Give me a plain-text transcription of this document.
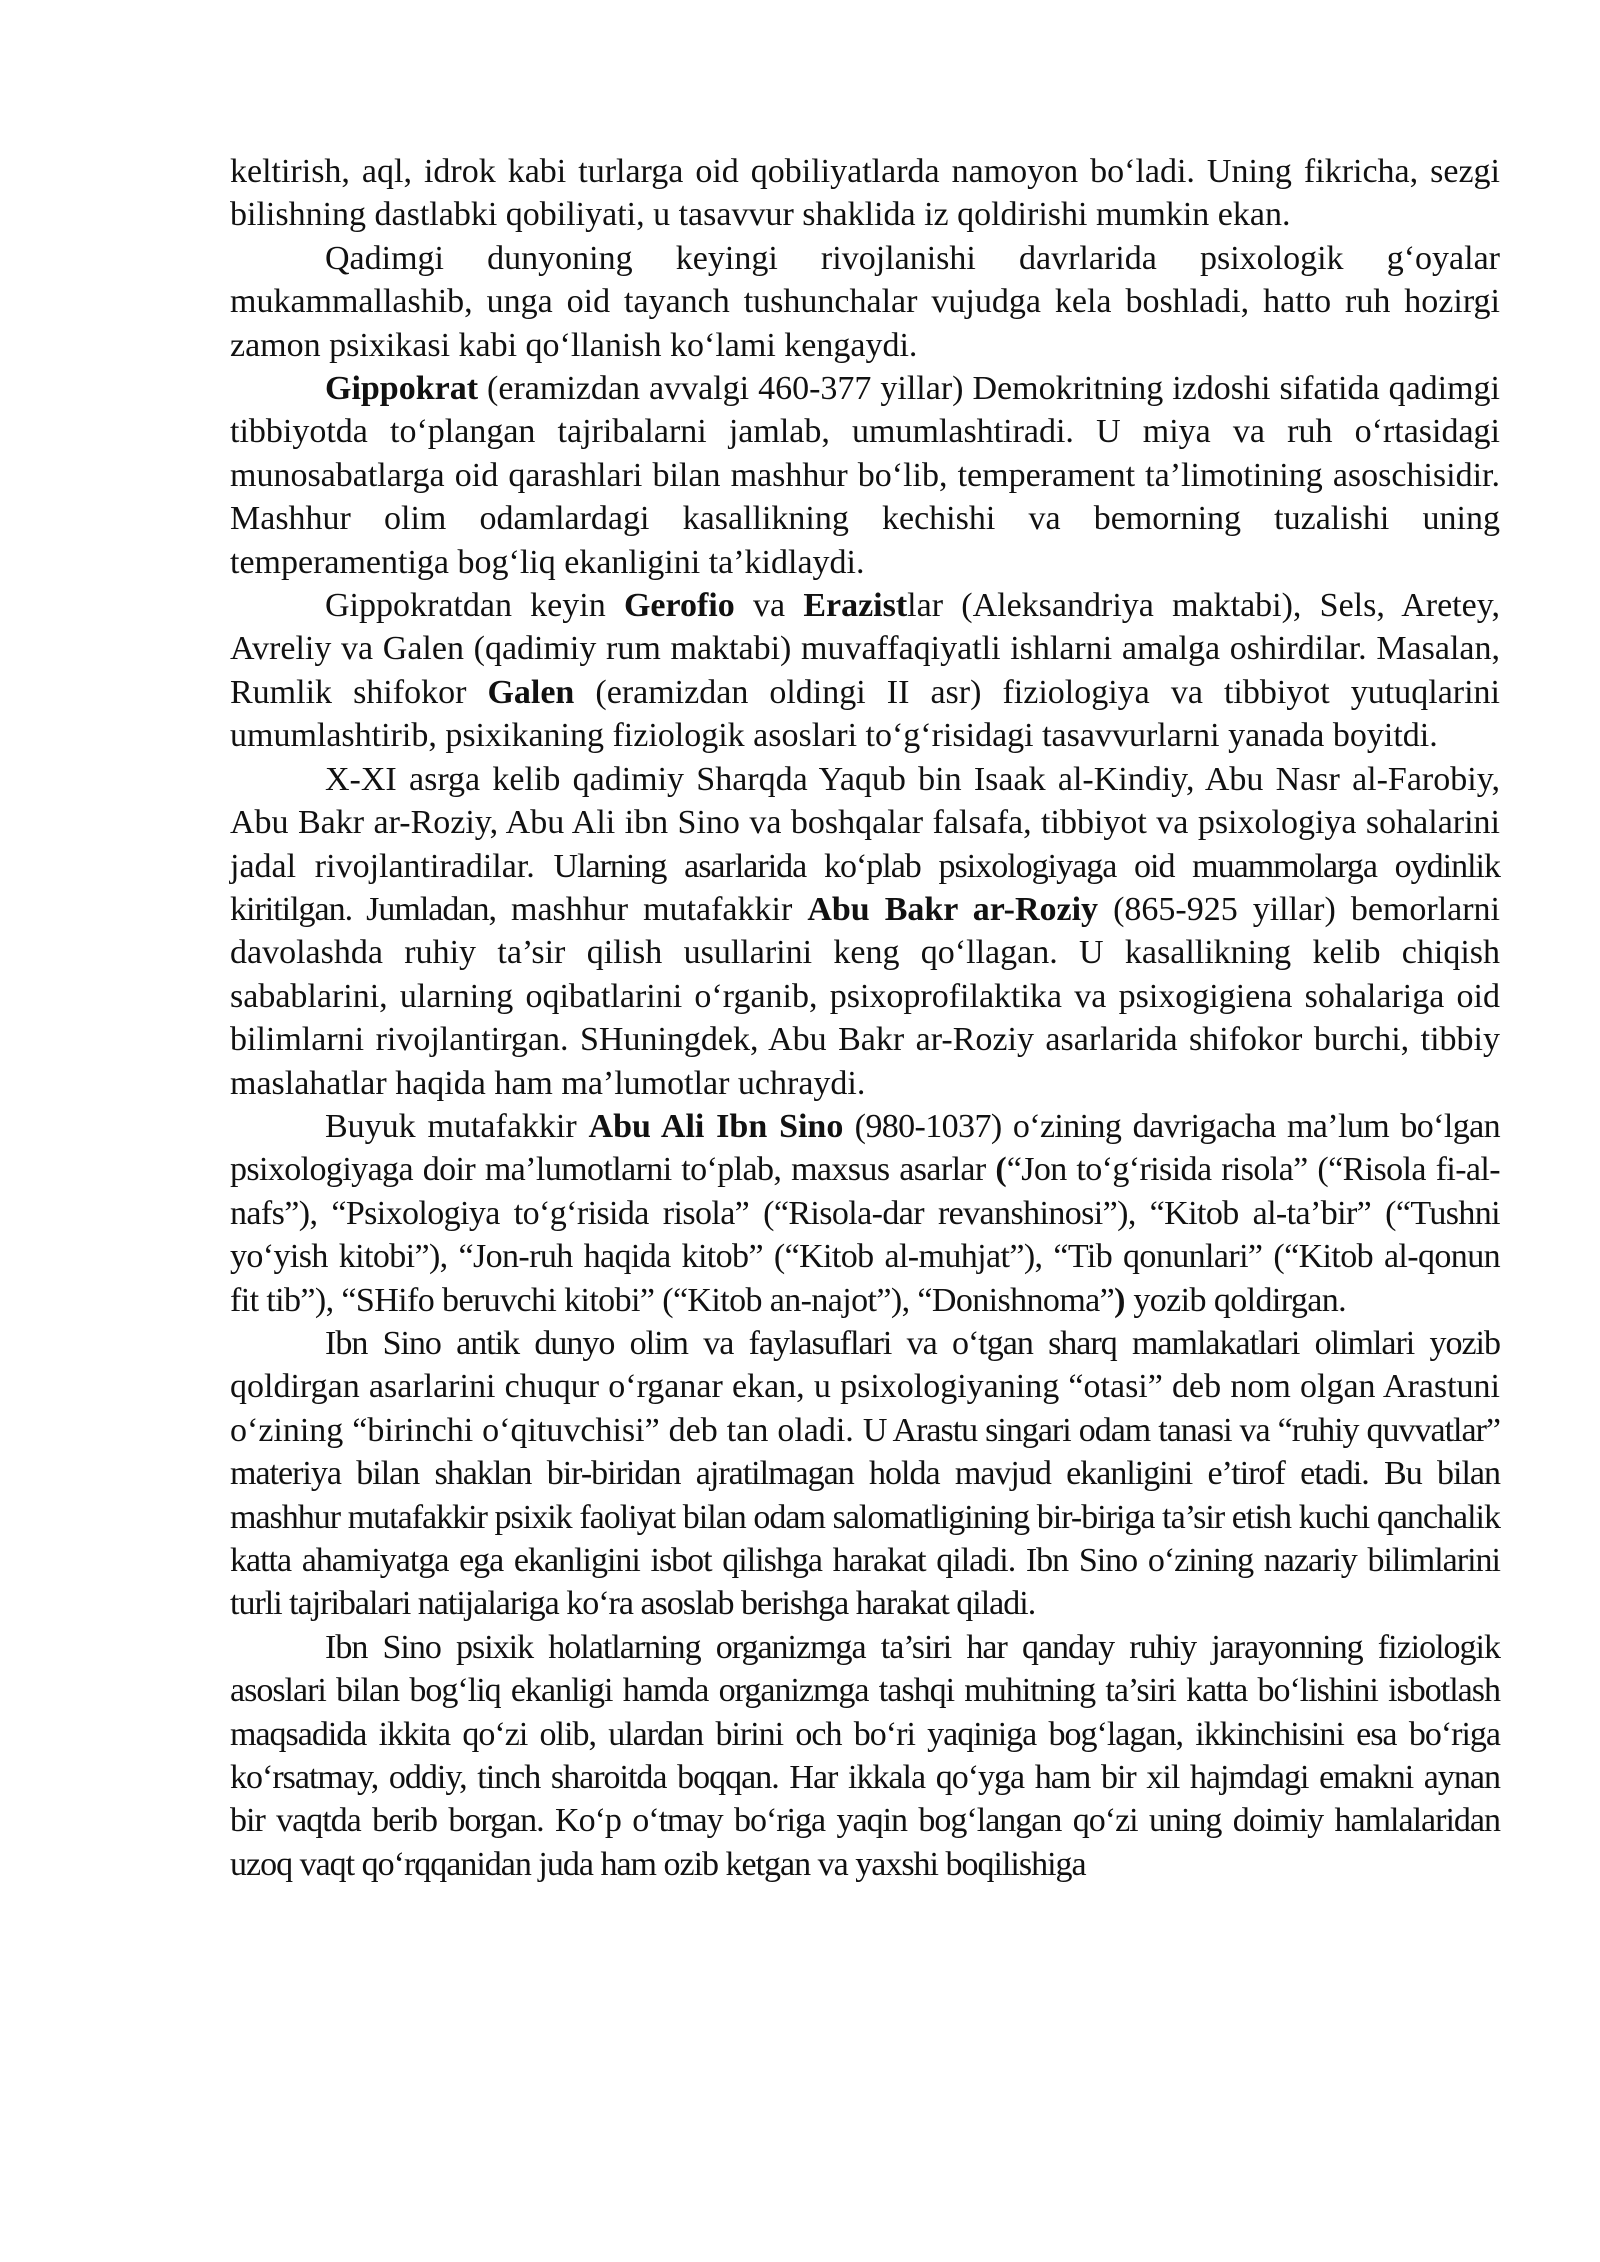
keltirish, aql, idrok kabi turlarga oid qobiliyatlarda namoyon bo‘ladi. Uning fikricha, sezgi bilishning dastlabki qobiliyati, u tasavvur shaklida iz qoldirishi mumkin ekan.

Qadimgi dunyoning keyingi rivojlanishi davrlarida psixologik g‘oyalar mukammallashib, unga oid tayanch tushunchalar vujudga kela boshladi, hatto ruh hozirgi zamon psixikasi kabi qo‘llanish ko‘lami kengaydi.

Gippokrat (eramizdan avvalgi 460-377 yillar) Demokritning izdoshi sifatida qadimgi tibbiyotda to‘plangan tajribalarni jamlab, umumlashtiradi. U miya va ruh o‘rtasidagi munosabatlarga oid qarashlari bilan mashhur bo‘lib, temperament ta’limotining asoschisidir. Mashhur olim odamlardagi kasallikning kechishi va bemorning tuzalishi uning temperamentiga bog‘liq ekanligini ta’kidlaydi.

Gippokratdan keyin Gerofio va Erazistlar (Aleksandriya maktabi), Sels, Aretey, Avreliy va Galen (qadimiy rum maktabi) muvaffaqiyatli ishlarni amalga oshirdilar. Masalan, Rumlik shifokor Galen (eramizdan oldingi II asr) fiziologiya va tibbiyot yutuqlarini umumlashtirib, psixikaning fiziologik asoslari to‘g‘risidagi tasavvurlarni yanada boyitdi.

X-XI asrga kelib qadimiy Sharqda Yaqub bin Isaak al-Kindiy, Abu Nasr al-Farobiy, Abu Bakr ar-Roziy, Abu Ali ibn Sino va boshqalar falsafa, tibbiyot va psixologiya sohalarini jadal rivojlantiradilar. Ularning asarlarida ko‘plab psixologiyaga oid muammolarga oydinlik kiritilgan. Jumladan, mashhur mutafakkir Abu Bakr ar-Roziy (865-925 yillar) bemorlarni davolashda ruhiy ta’sir qilish usullarini keng qo‘llagan. U kasallikning kelib chiqish sabablarini, ularning oqibatlarini o‘rganib, psixoprofilaktika va psixogigiena sohalariga oid bilimlarni rivojlantirgan. SHuningdek, Abu Bakr ar-Roziy asarlarida shifokor burchi, tibbiy maslahatlar haqida ham ma’lumotlar uchraydi.

Buyuk mutafakkir Abu Ali Ibn Sino (980-1037) o‘zining davrigacha ma’lum bo‘lgan psixologiyaga doir ma’lumotlarni to‘plab, maxsus asarlar (“Jon to‘g‘risida risola” (“Risola fi-al-nafs”), “Psixologiya to‘g‘risida risola” (“Risola-dar revanshinosi”), “Kitob al-ta’bir” (“Tushni yo‘yish kitobi”), “Jon-ruh haqida kitob” (“Kitob al-muhjat”), “Tib qonunlari” (“Kitob al-qonun fit tib”), “SHifo beruvchi kitobi” (“Kitob an-najot”), “Donishnoma”) yozib qoldirgan.

Ibn Sino antik dunyo olim va faylasuflari va o‘tgan sharq mamlakatlari olimlari yozib qoldirgan asarlarini chuqur o‘rganar ekan, u psixologiyaning “otasi” deb nom olgan Arastuni o‘zining “birinchi o‘qituvchisi” deb tan oladi. U Arastu singari odam tanasi va “ruhiy quvvatlar” materiya bilan shaklan bir-biridan ajratilmagan holda mavjud ekanligini e’tirof etadi. Bu bilan mashhur mutafakkir psixik faoliyat bilan odam salomatligining bir-biriga ta’sir etish kuchi qanchalik katta ahamiyatga ega ekanligini isbot qilishga harakat qiladi. Ibn Sino o‘zining nazariy bilimlarini turli tajribalari natijalariga ko‘ra asoslab berishga harakat qiladi.

Ibn Sino psixik holatlarning organizmga ta’siri har qanday ruhiy jarayonning fiziologik asoslari bilan bog‘liq ekanligi hamda organizmga tashqi muhitning ta’siri katta bo‘lishini isbotlash maqsadida ikkita qo‘zi olib, ulardan birini och bo‘ri yaqiniga bog‘lagan, ikkinchisini esa bo‘riga ko‘rsatmay, oddiy, tinch sharoitda boqqan. Har ikkala qo‘yga ham bir xil hajmdagi emakni aynan bir vaqtda berib borgan. Ko‘p o‘tmay bo‘riga yaqin bog‘langan qo‘zi uning doimiy hamlalaridan uzoq vaqt qo‘rqqanidan juda ham ozib ketgan va yaxshi boqilishiga
